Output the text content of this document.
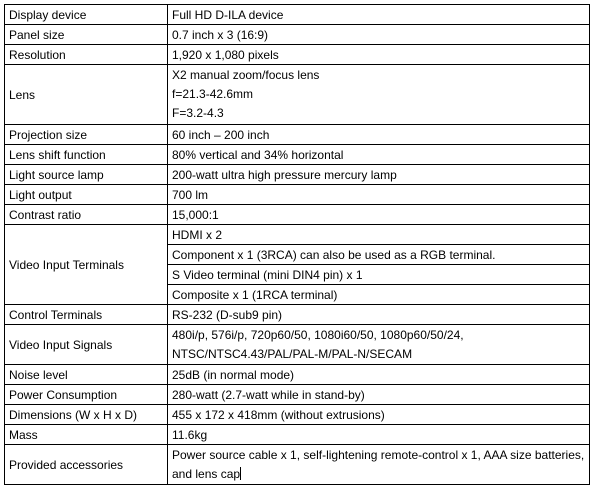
Display device	Full HD D-ILA device
Panel size	0.7 inch x 3 (16:9)
Resolution	1,920 x 1,080 pixels
Lens	X2 manual zoom/focus lens
f=21.3-42.6mm
F=3.2-4.3

Projection size	60 inch – 200 inch
Lens shift function	80% vertical and 34% horizontal
Light source lamp	200-watt ultra high pressure mercury lamp
Light output	700 lm
Contrast ratio	15,000:1
Video Input Terminals	HDMI x 2
	Component x 1 (3RCA) can also be used as a RGB terminal.
	S Video terminal (mini DIN4 pin) x 1
	Composite x 1 (1RCA terminal)
Control Terminals	RS-232 (D-sub9 pin)
Video Input Signals	480i/p, 576i/p, 720p60/50, 1080i60/50, 1080p60/50/24,
NTSC/NTSC4.43/PAL/PAL-M/PAL-N/SECAM

Noise level	25dB (in normal mode)
Power Consumption	280-watt (2.7-watt while in stand-by)
Dimensions (W x H x D)	455 x 172 x 418mm (without extrusions)
Mass	11.6kg
Provided accessories	Power source cable x 1, self-lightening remote-control x 1, AAA size batteries,
and lens cap
